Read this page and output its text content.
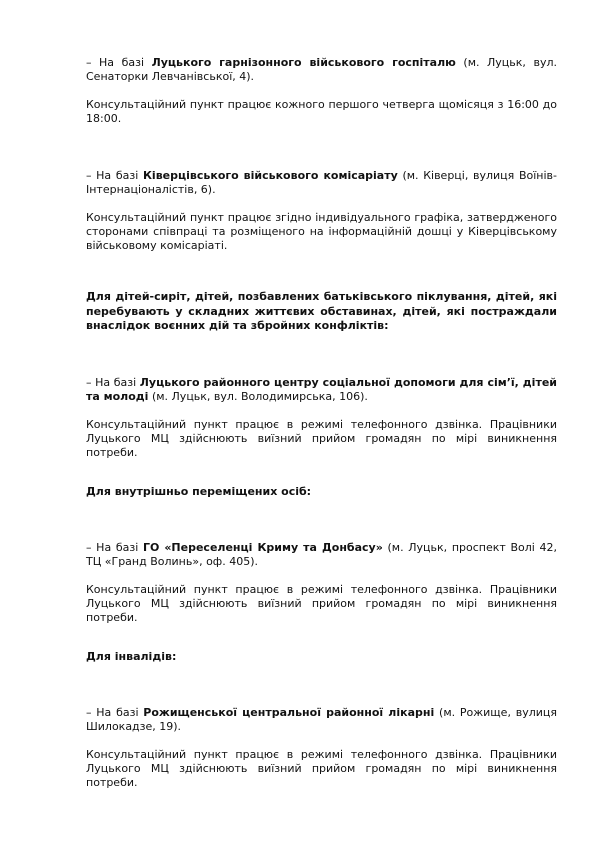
– На базі Луцького гарнізонного військового госпіталю (м. Луцьк, вул. Сенаторки Левчанівської, 4).

Консультаційний пункт працює кожного першого четверга щомісяця з 16:00 до 18:00.

– На базі Ківерцівського військового комісаріату (м. Ківерці, вулиця Воїнів-Інтернаціоналістів, 6).

Консультаційний пункт працює згідно індивідуального графіка, затвердженого сторонами співпраці та розміщеного на інформаційній дошці у Ківерцівському військовому комісаріаті.

Для дітей-сиріт, дітей, позбавлених батьківського піклування, дітей, які перебувають у складних життєвих обставинах, дітей, які постраждали внаслідок воєнних дій та збройних конфліктів:

– На базі Луцького районного центру соціальної допомоги для сім’ї, дітей та молоді (м. Луцьк, вул. Володимирська, 106).

Консультаційний пункт працює в режимі телефонного дзвінка. Працівники Луцького МЦ здійснюють виїзний прийом громадян по мірі виникнення потреби.

Для внутрішньо переміщених осіб:

– На базі ГО «Переселенці Криму та Донбасу» (м. Луцьк, проспект Волі 42, ТЦ «Гранд Волинь», оф. 405).

Консультаційний пункт працює в режимі телефонного дзвінка. Працівники Луцького МЦ здійснюють виїзний прийом громадян по мірі виникнення потреби.

Для інвалідів:

– На базі Рожищенської центральної районної лікарні (м. Рожище, вулиця Шилокадзе, 19).

Консультаційний пункт працює в режимі телефонного дзвінка. Працівники Луцького МЦ здійснюють виїзний прийом громадян по мірі виникнення потреби.
